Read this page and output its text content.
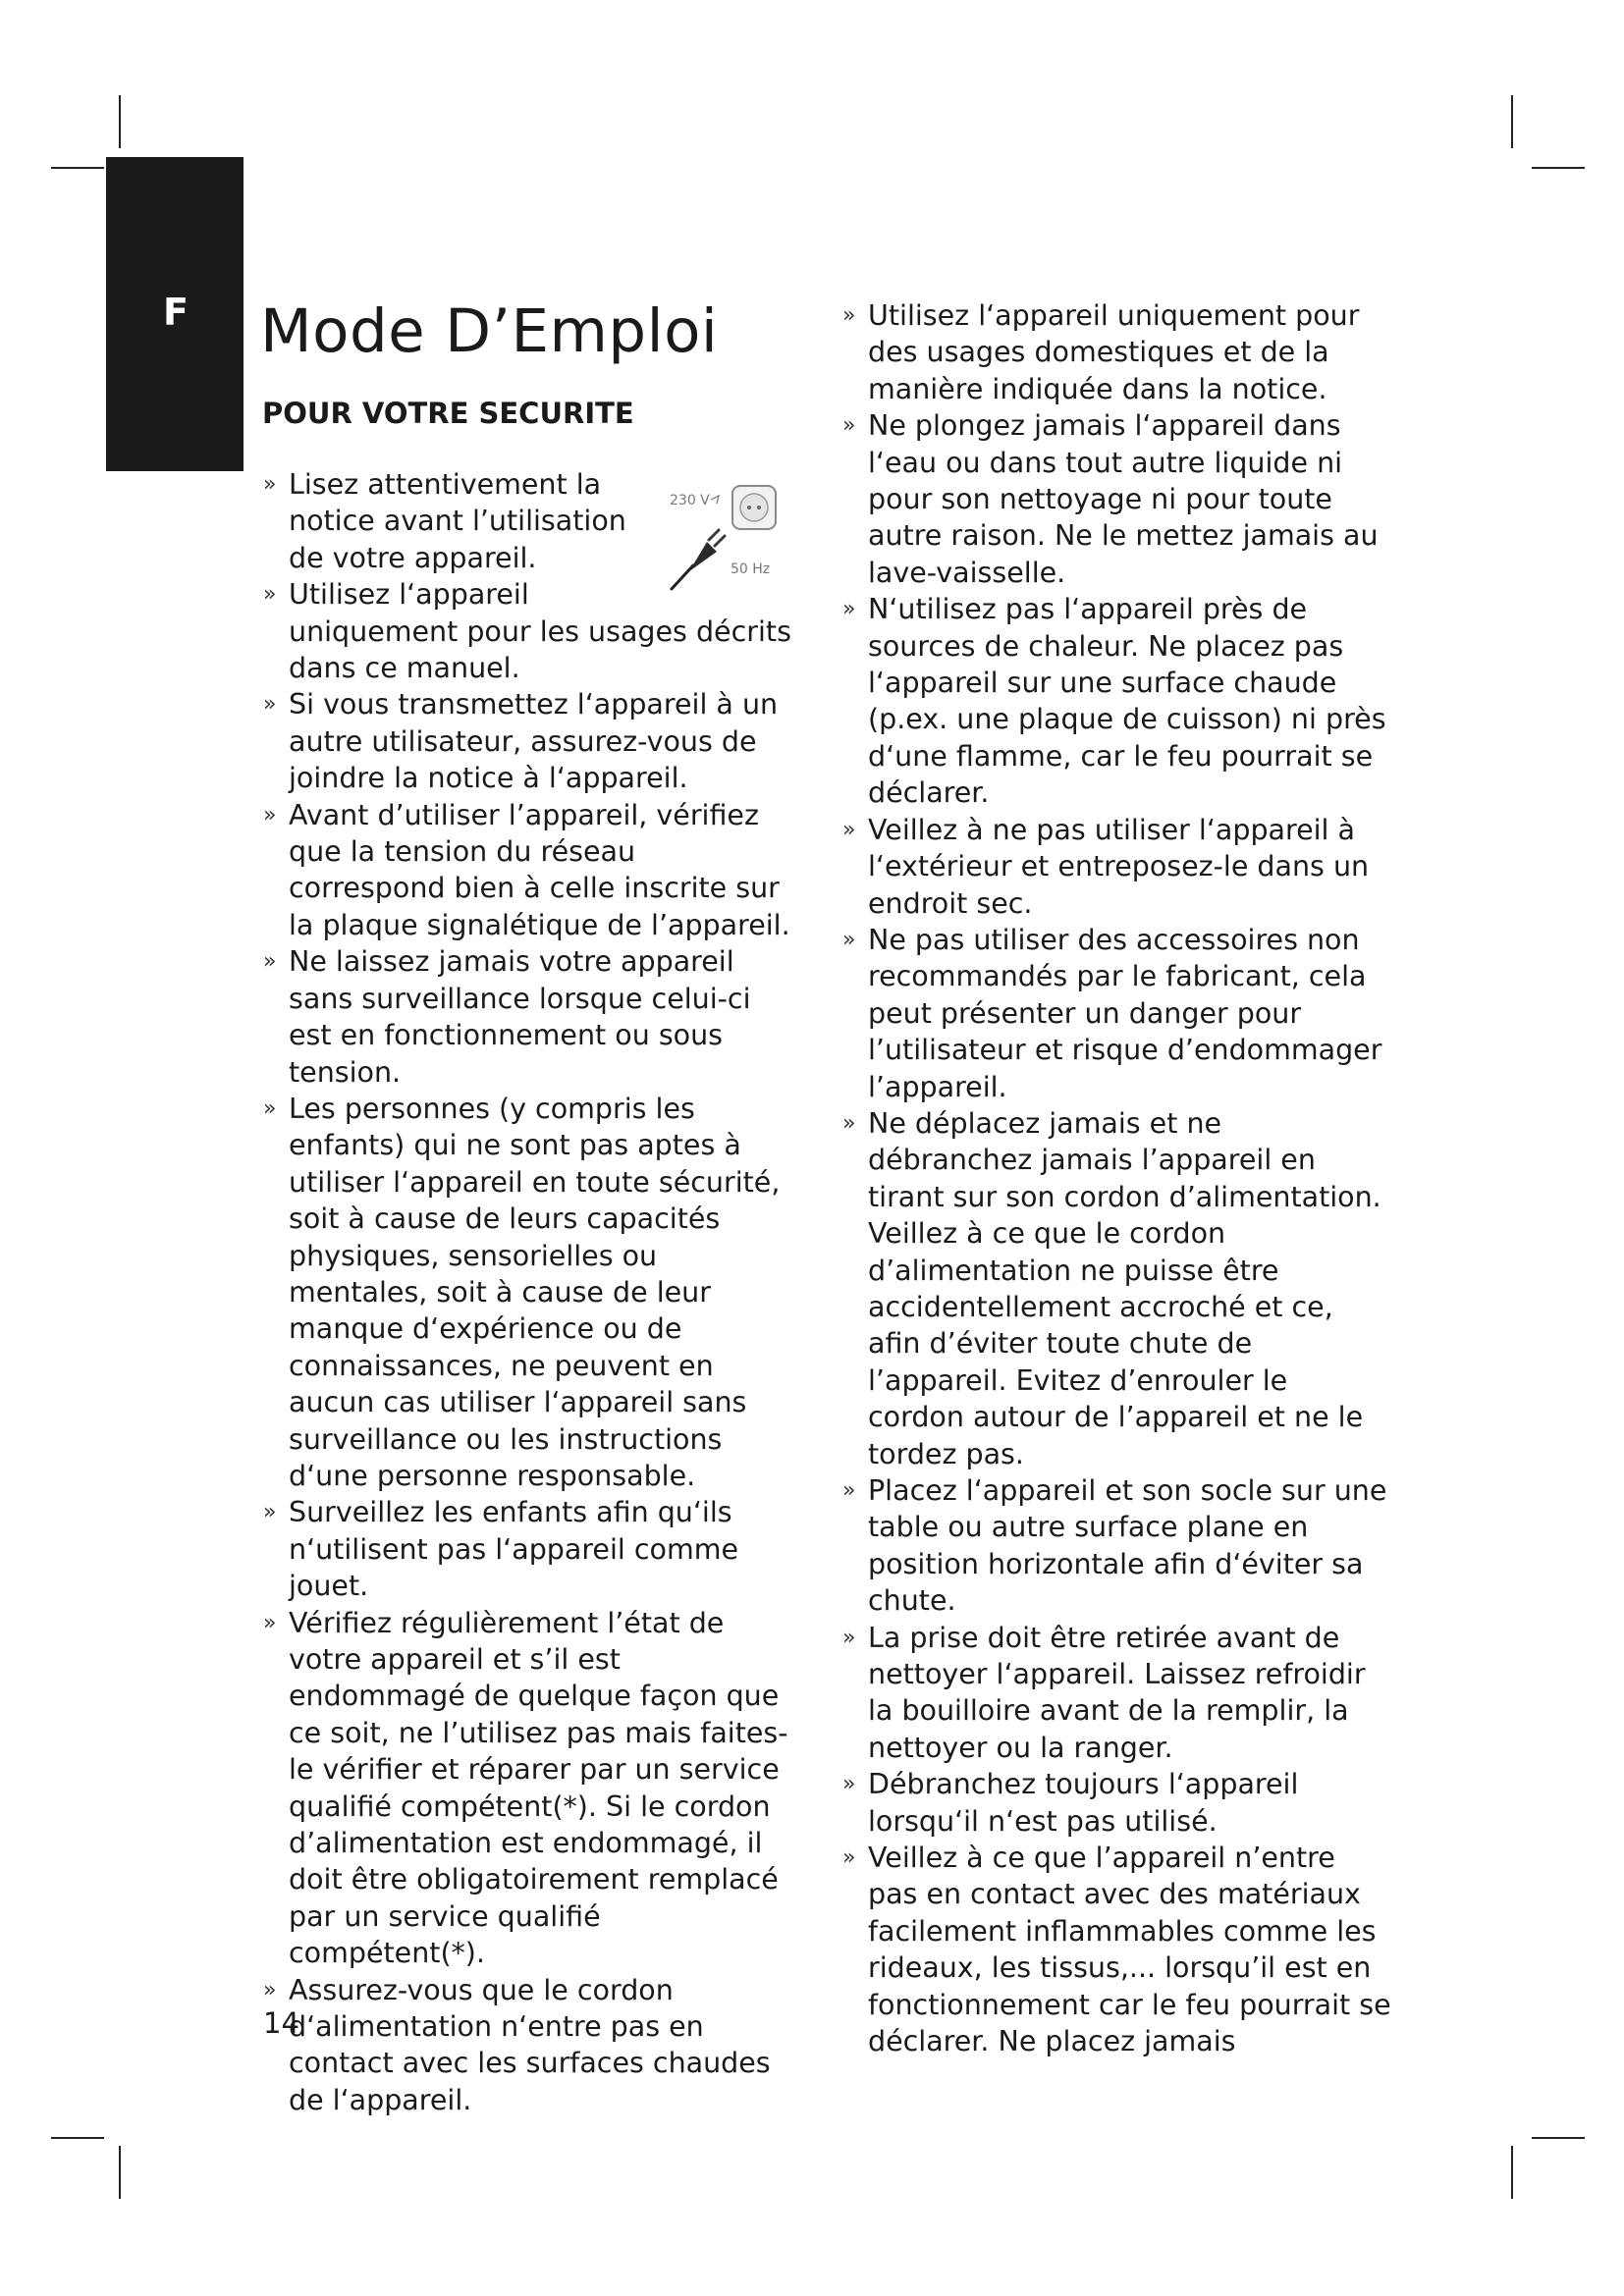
F Mode D’Emploi
POUR VOTRE SECURITE
230 V
50 Hz
» Lisez attentivement la notice avant l’utilisation de votre appareil.
» Utilisez l‘appareil uniquement pour les usages décrits dans ce manuel.
» Si vous transmettez l‘appareil à un autre utilisateur, assurez-vous de joindre la notice à l‘appareil.
» Avant d’utiliser l’appareil, vérifiez que la tension du réseau correspond bien à celle inscrite sur la plaque signalétique de l’appareil.
» Ne laissez jamais votre appareil sans surveillance lorsque celui-ci est en fonctionnement ou sous tension.
» Les personnes (y compris les enfants) qui ne sont pas aptes à utiliser l‘appareil en toute sécurité, soit à cause de leurs capacités physiques, sensorielles ou mentales, soit à cause de leur manque d‘expérience ou de connaissances, ne peuvent en aucun cas utiliser l‘appareil sans surveillance ou les instructions d‘une personne responsable.
» Surveillez les enfants afin qu‘ils n‘utilisent pas l‘appareil comme jouet.
» Vérifiez régulièrement l’état de votre appareil et s’il est endommagé de quelque façon que ce soit, ne l’utilisez pas mais faites-le vérifier et réparer par un service qualifié compétent(*). Si le cordon d’alimentation est endommagé, il doit être obligatoirement remplacé par un service qualifié compétent(*).
» Assurez-vous que le cordon d‘alimentation n‘entre pas en contact avec les surfaces chaudes de l‘appareil.
» Utilisez l‘appareil uniquement pour des usages domestiques et de la manière indiquée dans la notice.
» Ne plongez jamais l‘appareil dans l‘eau ou dans tout autre liquide ni pour son nettoyage ni pour toute autre raison. Ne le mettez jamais au lave-vaisselle.
» N‘utilisez pas l‘appareil près de sources de chaleur. Ne placez pas l‘appareil sur une surface chaude (p.ex. une plaque de cuisson) ni près d‘une flamme, car le feu pourrait se déclarer.
» Veillez à ne pas utiliser l‘appareil à l‘extérieur et entreposez-le dans un endroit sec.
» Ne pas utiliser des accessoires non recommandés par le fabricant, cela peut présenter un danger pour l’utilisateur et risque d’endommager l’appareil.
» Ne déplacez jamais et ne débranchez jamais l’appareil en tirant sur son cordon d’alimentation. Veillez à ce que le cordon d’alimentation ne puisse être accidentellement accroché et ce, afin d’éviter toute chute de l’appareil. Evitez d’enrouler le cordon autour de l’appareil et ne le tordez pas.
» Placez l‘appareil et son socle sur une table ou autre surface plane en position horizontale afin d‘éviter sa chute.
» La prise doit être retirée avant de nettoyer l‘appareil. Laissez refroidir la bouilloire avant de la remplir, la nettoyer ou la ranger.
» Débranchez toujours l‘appareil lorsqu‘il n‘est pas utilisé.
» Veillez à ce que l’appareil n’entre pas en contact avec des matériaux facilement inflammables comme les rideaux, les tissus,... lorsqu’il est en fonctionnement car le feu pourrait se déclarer. Ne placez jamais
14
